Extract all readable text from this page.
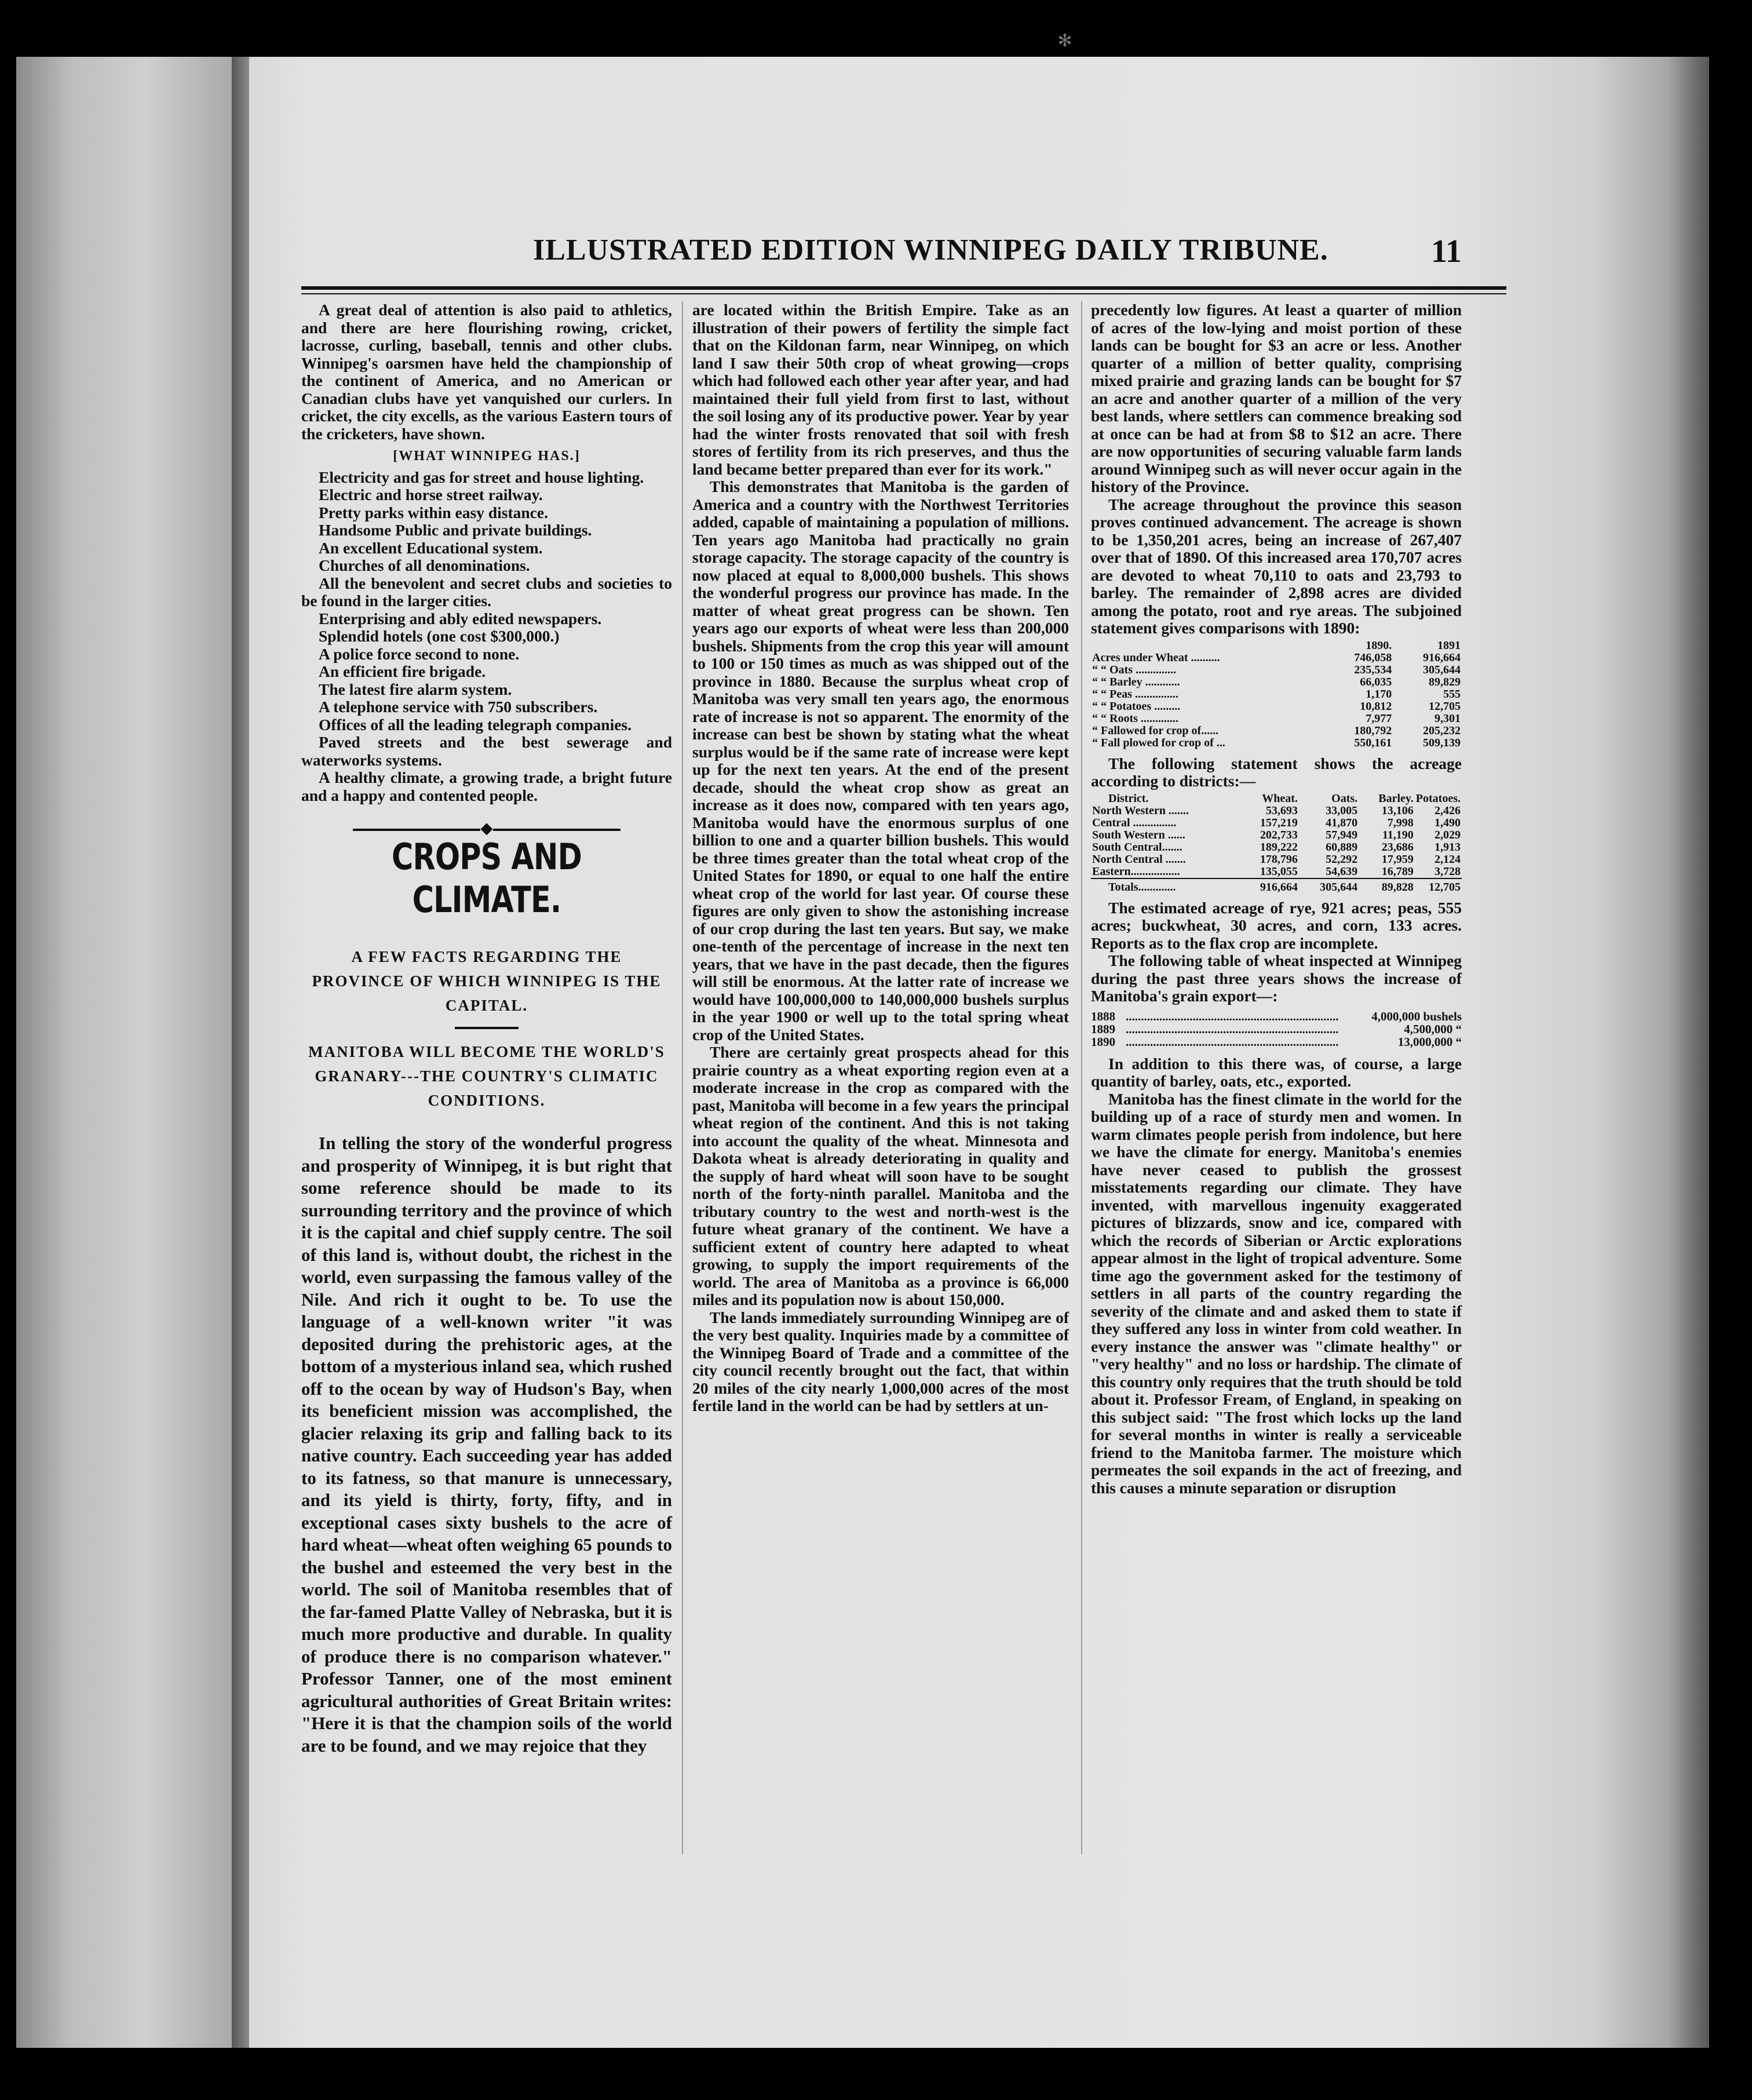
✻
ILLUSTRATED EDITION WINNIPEG DAILY TRIBUNE.	11

A great deal of attention is also paid to athletics, and there are here flourishing rowing, cricket, lacrosse, curling, baseball, tennis and other clubs. Winnipeg's oarsmen have held the championship of the continent of America, and no American or Canadian clubs have yet vanquished our curlers. In cricket, the city excells, as the various Eastern tours of the cricketers, have shown.

[WHAT WINNIPEG HAS.]

Electricity and gas for street and house lighting.

Electric and horse street railway.

Pretty parks within easy distance.

Handsome Public and private buildings.

An excellent Educational system.

Churches of all denominations.

All the benevolent and secret clubs and societies to be found in the larger cities.

Enterprising and ably edited newspapers.

Splendid hotels (one cost $300,000.)

A police force second to none.

An efficient fire brigade.

The latest fire alarm system.

A telephone service with 750 subscribers.

Offices of all the leading telegraph companies.

Paved streets and the best sewerage and waterworks systems.

A healthy climate, a growing trade, a bright future and a happy and contented people.

◆
CROPS AND CLIMATE.
A FEW FACTS REGARDING THE PROVINCE OF WHICH WINNIPEG IS THE CAPITAL.
MANITOBA WILL BECOME THE WORLD'S GRANARY---THE COUNTRY'S CLIMATIC CONDITIONS.

In telling the story of the wonderful progress and prosperity of Winnipeg, it is but right that some reference should be made to its surrounding territory and the province of which it is the capital and chief supply centre. The soil of this land is, without doubt, the richest in the world, even surpassing the famous valley of the Nile. And rich it ought to be. To use the language of a well-known writer "it was deposited during the prehistoric ages, at the bottom of a mysterious inland sea, which rushed off to the ocean by way of Hudson's Bay, when its beneficient mission was accomplished, the glacier relaxing its grip and falling back to its native country. Each succeeding year has added to its fatness, so that manure is unnecessary, and its yield is thirty, forty, fifty, and in exceptional cases sixty bushels to the acre of hard wheat—wheat often weighing 65 pounds to the bushel and esteemed the very best in the world. The soil of Manitoba resembles that of the far-famed Platte Valley of Nebraska, but it is much more productive and durable. In quality of produce there is no comparison whatever." Professor Tanner, one of the most eminent agricultural authorities of Great Britain writes: "Here it is that the champion soils of the world are to be found, and we may rejoice that they

are located within the British Empire. Take as an illustration of their powers of fertility the simple fact that on the Kildonan farm, near Winnipeg, on which land I saw their 50th crop of wheat growing—crops which had followed each other year after year, and had maintained their full yield from first to last, without the soil losing any of its productive power. Year by year had the winter frosts renovated that soil with fresh stores of fertility from its rich preserves, and thus the land became better prepared than ever for its work."

This demonstrates that Manitoba is the garden of America and a country with the Northwest Territories added, capable of maintaining a population of millions. Ten years ago Manitoba had practically no grain storage capacity. The storage capacity of the country is now placed at equal to 8,000,000 bushels. This shows the wonderful progress our province has made. In the matter of wheat great progress can be shown. Ten years ago our exports of wheat were less than 200,000 bushels. Shipments from the crop this year will amount to 100 or 150 times as much as was shipped out of the province in 1880. Because the surplus wheat crop of Manitoba was very small ten years ago, the enormous rate of increase is not so apparent. The enormity of the increase can best be shown by stating what the wheat surplus would be if the same rate of increase were kept up for the next ten years. At the end of the present decade, should the wheat crop show as great an increase as it does now, compared with ten years ago, Manitoba would have the enormous surplus of one billion to one and a quarter billion bushels. This would be three times greater than the total wheat crop of the United States for 1890, or equal to one half the entire wheat crop of the world for last year. Of course these figures are only given to show the astonishing increase of our crop during the last ten years. But say, we make one-tenth of the percentage of increase in the next ten years, that we have in the past decade, then the figures will still be enormous. At the latter rate of increase we would have 100,000,000 to 140,000,000 bushels surplus in the year 1900 or well up to the total spring wheat crop of the United States.

There are certainly great prospects ahead for this prairie country as a wheat exporting region even at a moderate increase in the crop as compared with the past, Manitoba will become in a few years the principal wheat region of the continent. And this is not taking into account the quality of the wheat. Minnesota and Dakota wheat is already deteriorating in quality and the supply of hard wheat will soon have to be sought north of the forty-ninth parallel. Manitoba and the tributary country to the west and north-west is the future wheat granary of the continent. We have a sufficient extent of country here adapted to wheat growing, to supply the import requirements of the world. The area of Manitoba as a province is 66,000 miles and its population now is about 150,000.

The lands immediately surrounding Winnipeg are of the very best quality. Inquiries made by a committee of the Winnipeg Board of Trade and a committee of the city council recently brought out the fact, that within 20 miles of the city nearly 1,000,000 acres of the most fertile land in the world can be had by settlers at un-

precedently low figures. At least a quarter of million of acres of the low-lying and moist portion of these lands can be bought for $3 an acre or less. Another quarter of a million of better quality, comprising mixed prairie and grazing lands can be bought for $7 an acre and another quarter of a million of the very best lands, where settlers can commence breaking sod at once can be had at from $8 to $12 an acre. There are now opportunities of securing valuable farm lands around Winnipeg such as will never occur again in the history of the Province.

The acreage throughout the province this season proves continued advancement. The acreage is shown to be 1,350,201 acres, being an increase of 267,407 over that of 1890. Of this increased area 170,707 acres are devoted to wheat 70,110 to oats and 23,793 to barley. The remainder of 2,898 acres are divided among the potato, root and rye areas. The subjoined statement gives comparisons with 1890:

	1890.	1891
Acres under Wheat ..........	746,058	916,664
“ “ Oats ..............	235,534	305,644
“ “ Barley ............	66,035	89,829
“ “ Peas ...............	1,170	555
“ “ Potatoes .........	10,812	12,705
“ “ Roots .............	7,977	9,301
“ Fallowed for crop of......	180,792	205,232
“ Fall plowed for crop of ...	550,161	509,139

The following statement shows the acreage according to districts:—

District.	Wheat.	Oats.	Barley.	Potatoes.
North Western .......	53,693	33,005	13,106	2,426
Central ...............	157,219	41,870	7,998	1,490
South Western ......	202,733	57,949	11,190	2,029
South Central.......	189,222	60,889	23,686	1,913
North Central .......	178,796	52,292	17,959	2,124
Eastern.................	135,055	54,639	16,789	3,728
Totals.............	916,664	305,644	89,828	12,705

The estimated acreage of rye, 921 acres; peas, 555 acres; buckwheat, 30 acres, and corn, 133 acres. Reports as to the flax crop are incomplete.

The following table of wheat inspected at Winnipeg during the past three years shows the increase of Manitoba's grain export—:

1888 ......................................................................	4,000,000 bushels
1889 ......................................................................	4,500,000 “
1890 ......................................................................	13,000,000 “

In addition to this there was, of course, a large quantity of barley, oats, etc., exported.

Manitoba has the finest climate in the world for the building up of a race of sturdy men and women. In warm climates people perish from indolence, but here we have the climate for energy. Manitoba's enemies have never ceased to publish the grossest misstatements regarding our climate. They have invented, with marvellous ingenuity exaggerated pictures of blizzards, snow and ice, compared with which the records of Siberian or Arctic explorations appear almost in the light of tropical adventure. Some time ago the government asked for the testimony of settlers in all parts of the country regarding the severity of the climate and and asked them to state if they suffered any loss in winter from cold weather. In every instance the answer was "climate healthy" or "very healthy" and no loss or hardship. The climate of this country only requires that the truth should be told about it. Professor Fream, of England, in speaking on this subject said: "The frost which locks up the land for several months in winter is really a serviceable friend to the Manitoba farmer. The moisture which permeates the soil expands in the act of freezing, and this causes a minute separation or disruption
